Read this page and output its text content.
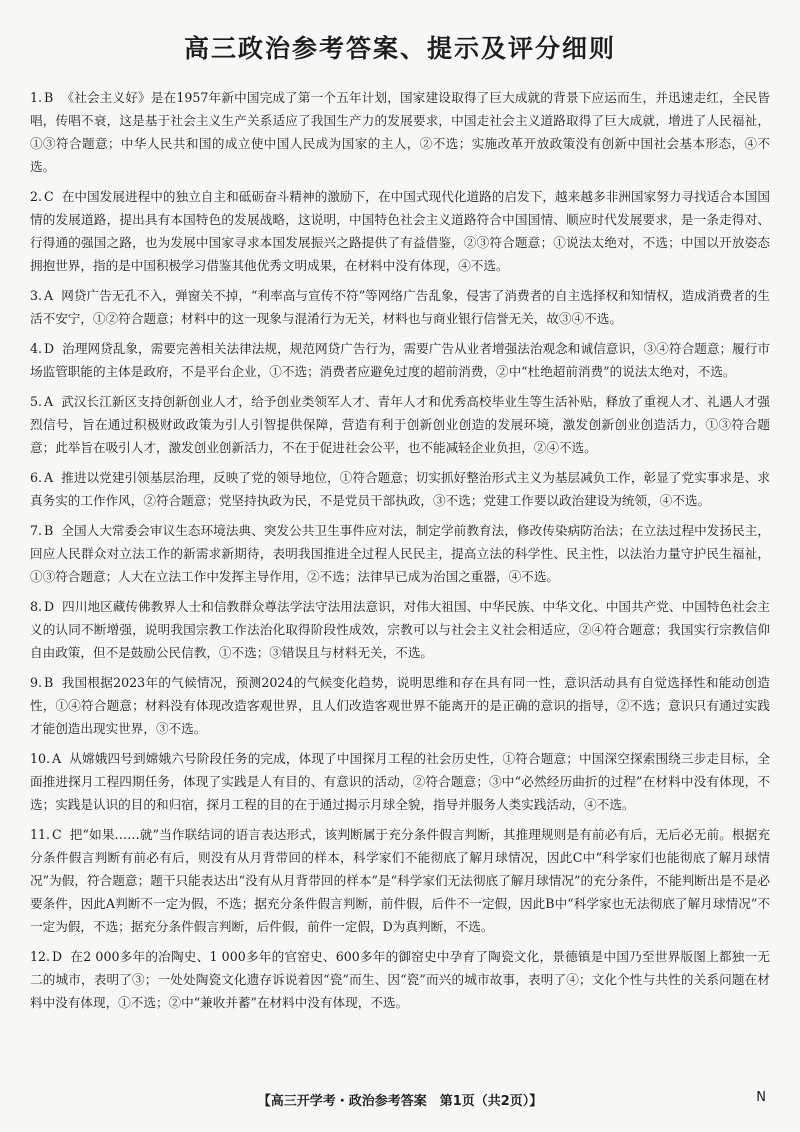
高三政治参考答案、提示及评分细则
1. B 《社会主义好》是在1957年新中国完成了第一个五年计划，国家建设取得了巨大成就的背景下应运而生，并迅速走红，全民皆唱，传唱不衰，这是基于社会主义生产关系适应了我国生产力的发展要求，中国走社会主义道路取得了巨大成就，增进了人民福祉，①③符合题意；中华人民共和国的成立使中国人民成为国家的主人，②不选；实施改革开放政策没有创新中国社会基本形态，④不选。
2. C 在中国发展进程中的独立自主和砥砺奋斗精神的激励下，在中国式现代化道路的启发下，越来越多非洲国家努力寻找适合本国国情的发展道路，提出具有本国特色的发展战略，这说明，中国特色社会主义道路符合中国国情、顺应时代发展要求，是一条走得对、行得通的强国之路，也为发展中国家寻求本国发展振兴之路提供了有益借鉴，②③符合题意；①说法太绝对，不选；中国以开放姿态拥抱世界，指的是中国积极学习借鉴其他优秀文明成果，在材料中没有体现，④不选。
3. A 网贷广告无孔不入，弹窗关不掉，“利率高与宣传不符”等网络广告乱象，侵害了消费者的自主选择权和知情权，造成消费者的生活不安宁，①②符合题意；材料中的这一现象与混淆行为无关，材料也与商业银行信誉无关，故③④不选。
4. D 治理网贷乱象，需要完善相关法律法规，规范网贷广告行为，需要广告从业者增强法治观念和诚信意识，③④符合题意；履行市场监管职能的主体是政府，不是平台企业，①不选；消费者应避免过度的超前消费，②中“杜绝超前消费”的说法太绝对，不选。
5. A 武汉长江新区支持创新创业人才，给予创业类领军人才、青年人才和优秀高校毕业生等生活补贴，释放了重视人才、礼遇人才强烈信号，旨在通过积极财政政策为引人引智提供保障，营造有利于创新创业创造的发展环境，激发创新创业创造活力，①③符合题意；此举旨在吸引人才，激发创业创新活力，不在于促进社会公平，也不能减轻企业负担，②④不选。
6. A 推进以党建引领基层治理，反映了党的领导地位，①符合题意；切实抓好整治形式主义为基层减负工作，彰显了党实事求是、求真务实的工作作风，②符合题意；党坚持执政为民，不是党员干部执政，③不选；党建工作要以政治建设为统领，④不选。
7. B 全国人大常委会审议生态环境法典、突发公共卫生事件应对法，制定学前教育法，修改传染病防治法；在立法过程中发扬民主，回应人民群众对立法工作的新需求新期待，表明我国推进全过程人民民主，提高立法的科学性、民主性，以法治力量守护民生福祉，①③符合题意；人大在立法工作中发挥主导作用，②不选；法律早已成为治国之重器，④不选。
8. D 四川地区藏传佛教界人士和信教群众尊法学法守法用法意识，对伟大祖国、中华民族、中华文化、中国共产党、中国特色社会主义的认同不断增强，说明我国宗教工作法治化取得阶段性成效，宗教可以与社会主义社会相适应，②④符合题意；我国实行宗教信仰自由政策，但不是鼓励公民信教，①不选；③错误且与材料无关，不选。
9. B 我国根据2023年的气候情况，预测2024的气候变化趋势，说明思维和存在具有同一性，意识活动具有自觉选择性和能动创造性，①④符合题意；材料没有体现改造客观世界，且人们改造客观世界不能离开的是正确的意识的指导，②不选；意识只有通过实践才能创造出现实世界，③不选。
10. A 从嫦娥四号到嫦娥六号阶段任务的完成，体现了中国探月工程的社会历史性，①符合题意；中国深空探索围绕三步走目标，全面推进探月工程四期任务，体现了实践是人有目的、有意识的活动，②符合题意；③中“必然经历曲折的过程”在材料中没有体现，不选；实践是认识的目的和归宿，探月工程的目的在于通过揭示月球全貌，指导并服务人类实践活动，④不选。
11. C 把“如果……就”当作联结词的语言表达形式，该判断属于充分条件假言判断，其推理规则是有前必有后，无后必无前。根据充分条件假言判断有前必有后，则没有从月背带回的样本，科学家们不能彻底了解月球情况，因此C中“科学家们也能彻底了解月球情况”为假，符合题意；题干只能表达出“没有从月背带回的样本”是“科学家们无法彻底了解月球情况”的充分条件，不能判断出是不是必要条件，因此A判断不一定为假，不选；据充分条件假言判断，前件假，后件不一定假，因此B中“科学家也无法彻底了解月球情况”不一定为假，不选；据充分条件假言判断，后件假，前件一定假，D为真判断，不选。
12. D 在2 000多年的冶陶史、1 000多年的官窑史、600多年的御窑史中孕育了陶瓷文化，景德镇是中国乃至世界版图上都独一无二的城市，表明了③；一处处陶瓷文化遗存诉说着因“瓷”而生、因“瓷”而兴的城市故事，表明了④；文化个性与共性的关系问题在材料中没有体现，①不选；②中“兼收并蓄”在材料中没有体现，不选。
【高三开学考・政治参考答案　第1页（共2页）】	N
